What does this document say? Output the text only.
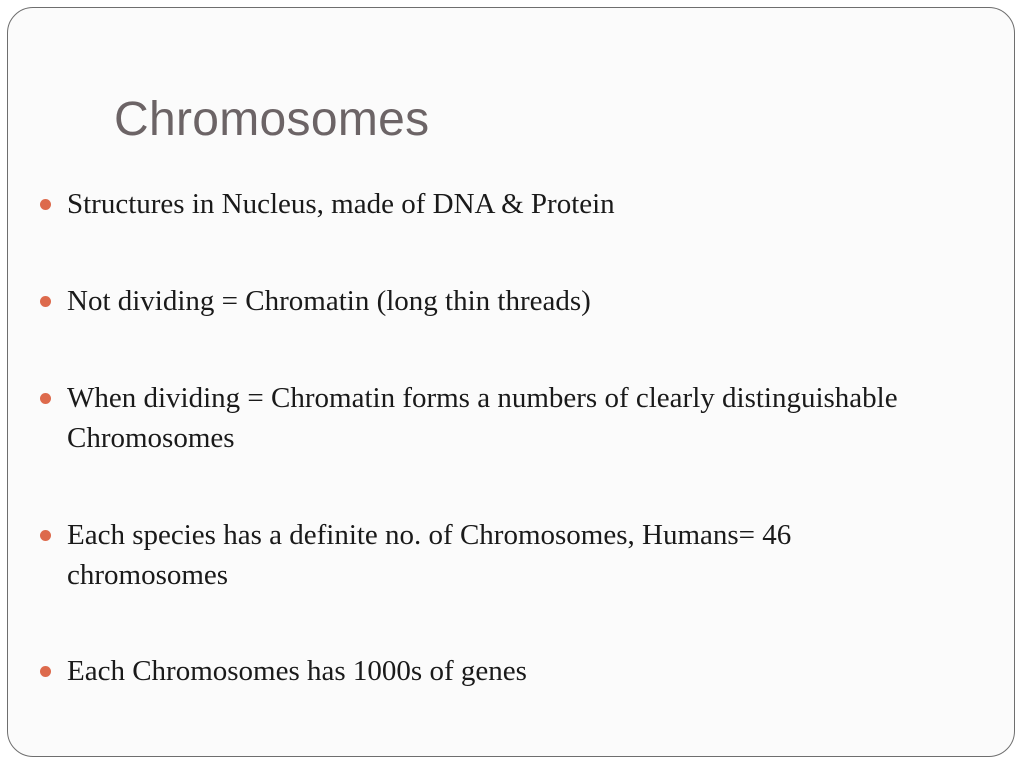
Chromosomes
Structures in Nucleus, made of DNA & Protein
Not dividing = Chromatin (long thin threads)
When dividing = Chromatin forms a numbers of clearly distinguishable Chromosomes
Each species has a definite no. of Chromosomes, Humans= 46 chromosomes
Each Chromosomes has 1000s of genes
